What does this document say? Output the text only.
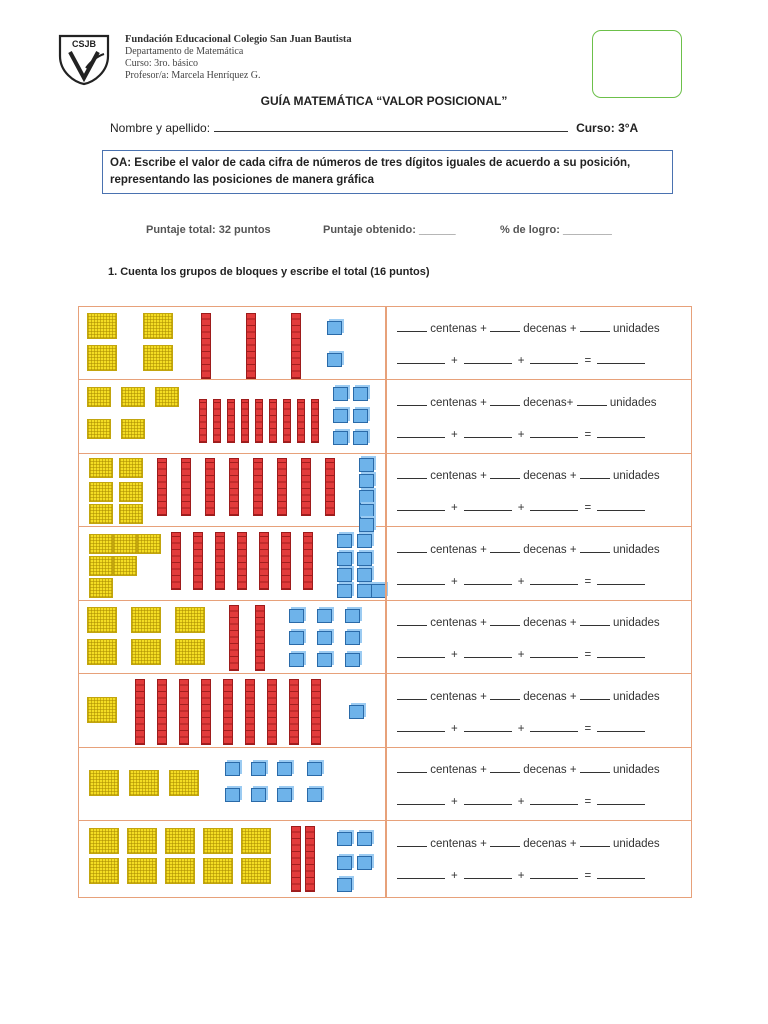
CSJB	Fundación Educacional Colegio San Juan Bautista
Departamento de Matemática
Curso: 3ro. básico
Profesor/a: Marcela Henríquez G.
GUÍA MATEMÁTICA “VALOR POSICIONAL”
Nombre y apellido:	Curso: 3°A
OA: Escribe el valor de cada cifra de números de tres dígitos iguales de acuerdo a su posición, representando las posiciones de manera gráfica
Puntaje total: 32 puntos	Puntaje obtenido: ______	% de logro: ________
1. Cuenta los grupos de bloques y escribe el total (16 puntos)
centenas +	decenas +	unidades
+	+	=
centenas +	decenas+	unidades
+	+	=
centenas +	decenas +	unidades
+	+	=
centenas +	decenas +	unidades
+	+	=
centenas +	decenas +	unidades
+	+	=
centenas +	decenas +	unidades
+	+	=
centenas +	decenas +	unidades
+	+	=
centenas +	decenas +	unidades
+	+	=
